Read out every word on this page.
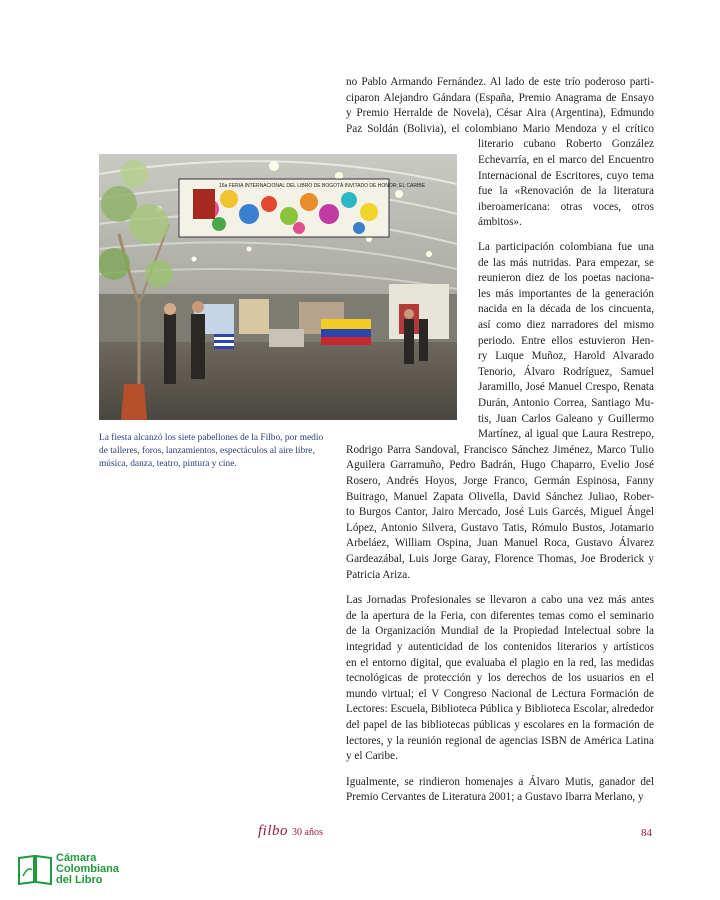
no Pablo Armando Fernández. Al lado de este trío poderoso parti-
ciparon Alejandro Gándara (España, Premio Anagrama de Ensayo
y Premio Herralde de Novela), César Aira (Argentina), Edmundo
Paz Soldán (Bolivia), el colombiano Mario Mendoza y el crítico
literario cubano Roberto González
Echevarría, en el marco del Encuentro
Internacional de Escritores, cuyo tema
fue la «Renovación de la literatura
iberoamericana: otras voces, otros
ámbitos».
La participación colombiana fue una
de las más nutridas. Para empezar, se
reunieron diez de los poetas naciona-
les más importantes de la generación
nacida en la década de los cincuenta,
así como diez narradores del mismo
periodo. Entre ellos estuvieron Hen-
ry Luque Muñoz, Harold Alvarado
Tenorio, Álvaro Rodríguez, Samuel
Jaramillo, José Manuel Crespo, Renata
Durán, Antonio Correa, Santiago Mu-
tis, Juan Carlos Galeano y Guillermo
Martínez, al igual que Laura Restrepo,
Rodrigo Parra Sandoval, Francisco Sánchez Jiménez, Marco Tulio
Aguilera Garramuño, Pedro Badrán, Hugo Chaparro, Evelio José
Rosero, Andrés Hoyos, Jorge Franco, Germán Espinosa, Fanny
Buitrago, Manuel Zapata Olivella, David Sánchez Juliao, Rober-
to Burgos Cantor, Jairo Mercado, José Luis Garcés, Miguel Ángel
López, Antonio Silvera, Gustavo Tatis, Rómulo Bustos, Jotamario
Arbeláez, William Ospina, Juan Manuel Roca, Gustavo Álvarez
Gardeazábal, Luis Jorge Garay, Florence Thomas, Joe Broderick y
Patricia Ariza.
Las Jornadas Profesionales se llevaron a cabo una vez más antes
de la apertura de la Feria, con diferentes temas como el seminario
de la Organización Mundial de la Propiedad Intelectual sobre la
integridad y autenticidad de los contenidos literarios y artísticos
en el entorno digital, que evaluaba el plagio en la red, las medidas
tecnológicas de protección y los derechos de los usuarios en el
mundo virtual; el V Congreso Nacional de Lectura Formación de
Lectores: Escuela, Biblioteca Pública y Biblioteca Escolar, alrededor
del papel de las bibliotecas públicas y escolares en la formación de
lectores, y la reunión regional de agencias ISBN de América Latina
y el Caribe.
Igualmente, se rindieron homenajes a Álvaro Mutis, ganador del
Premio Cervantes de Literatura 2001; a Gustavo Ibarra Merlano, y
16a FERIA INTERNACIONAL DEL LIBRO DE BOGOTÁ INVITADO DE HONOR: EL CARIBE
La fiesta alcanzó los siete pabellones de la Filbo, por medio de talleres, foros, lanzamientos, espectáculos al aire libre, música, danza, teatro, pintura y cine.
filbo 30 años	84
Cámara
Colombiana
del Libro
